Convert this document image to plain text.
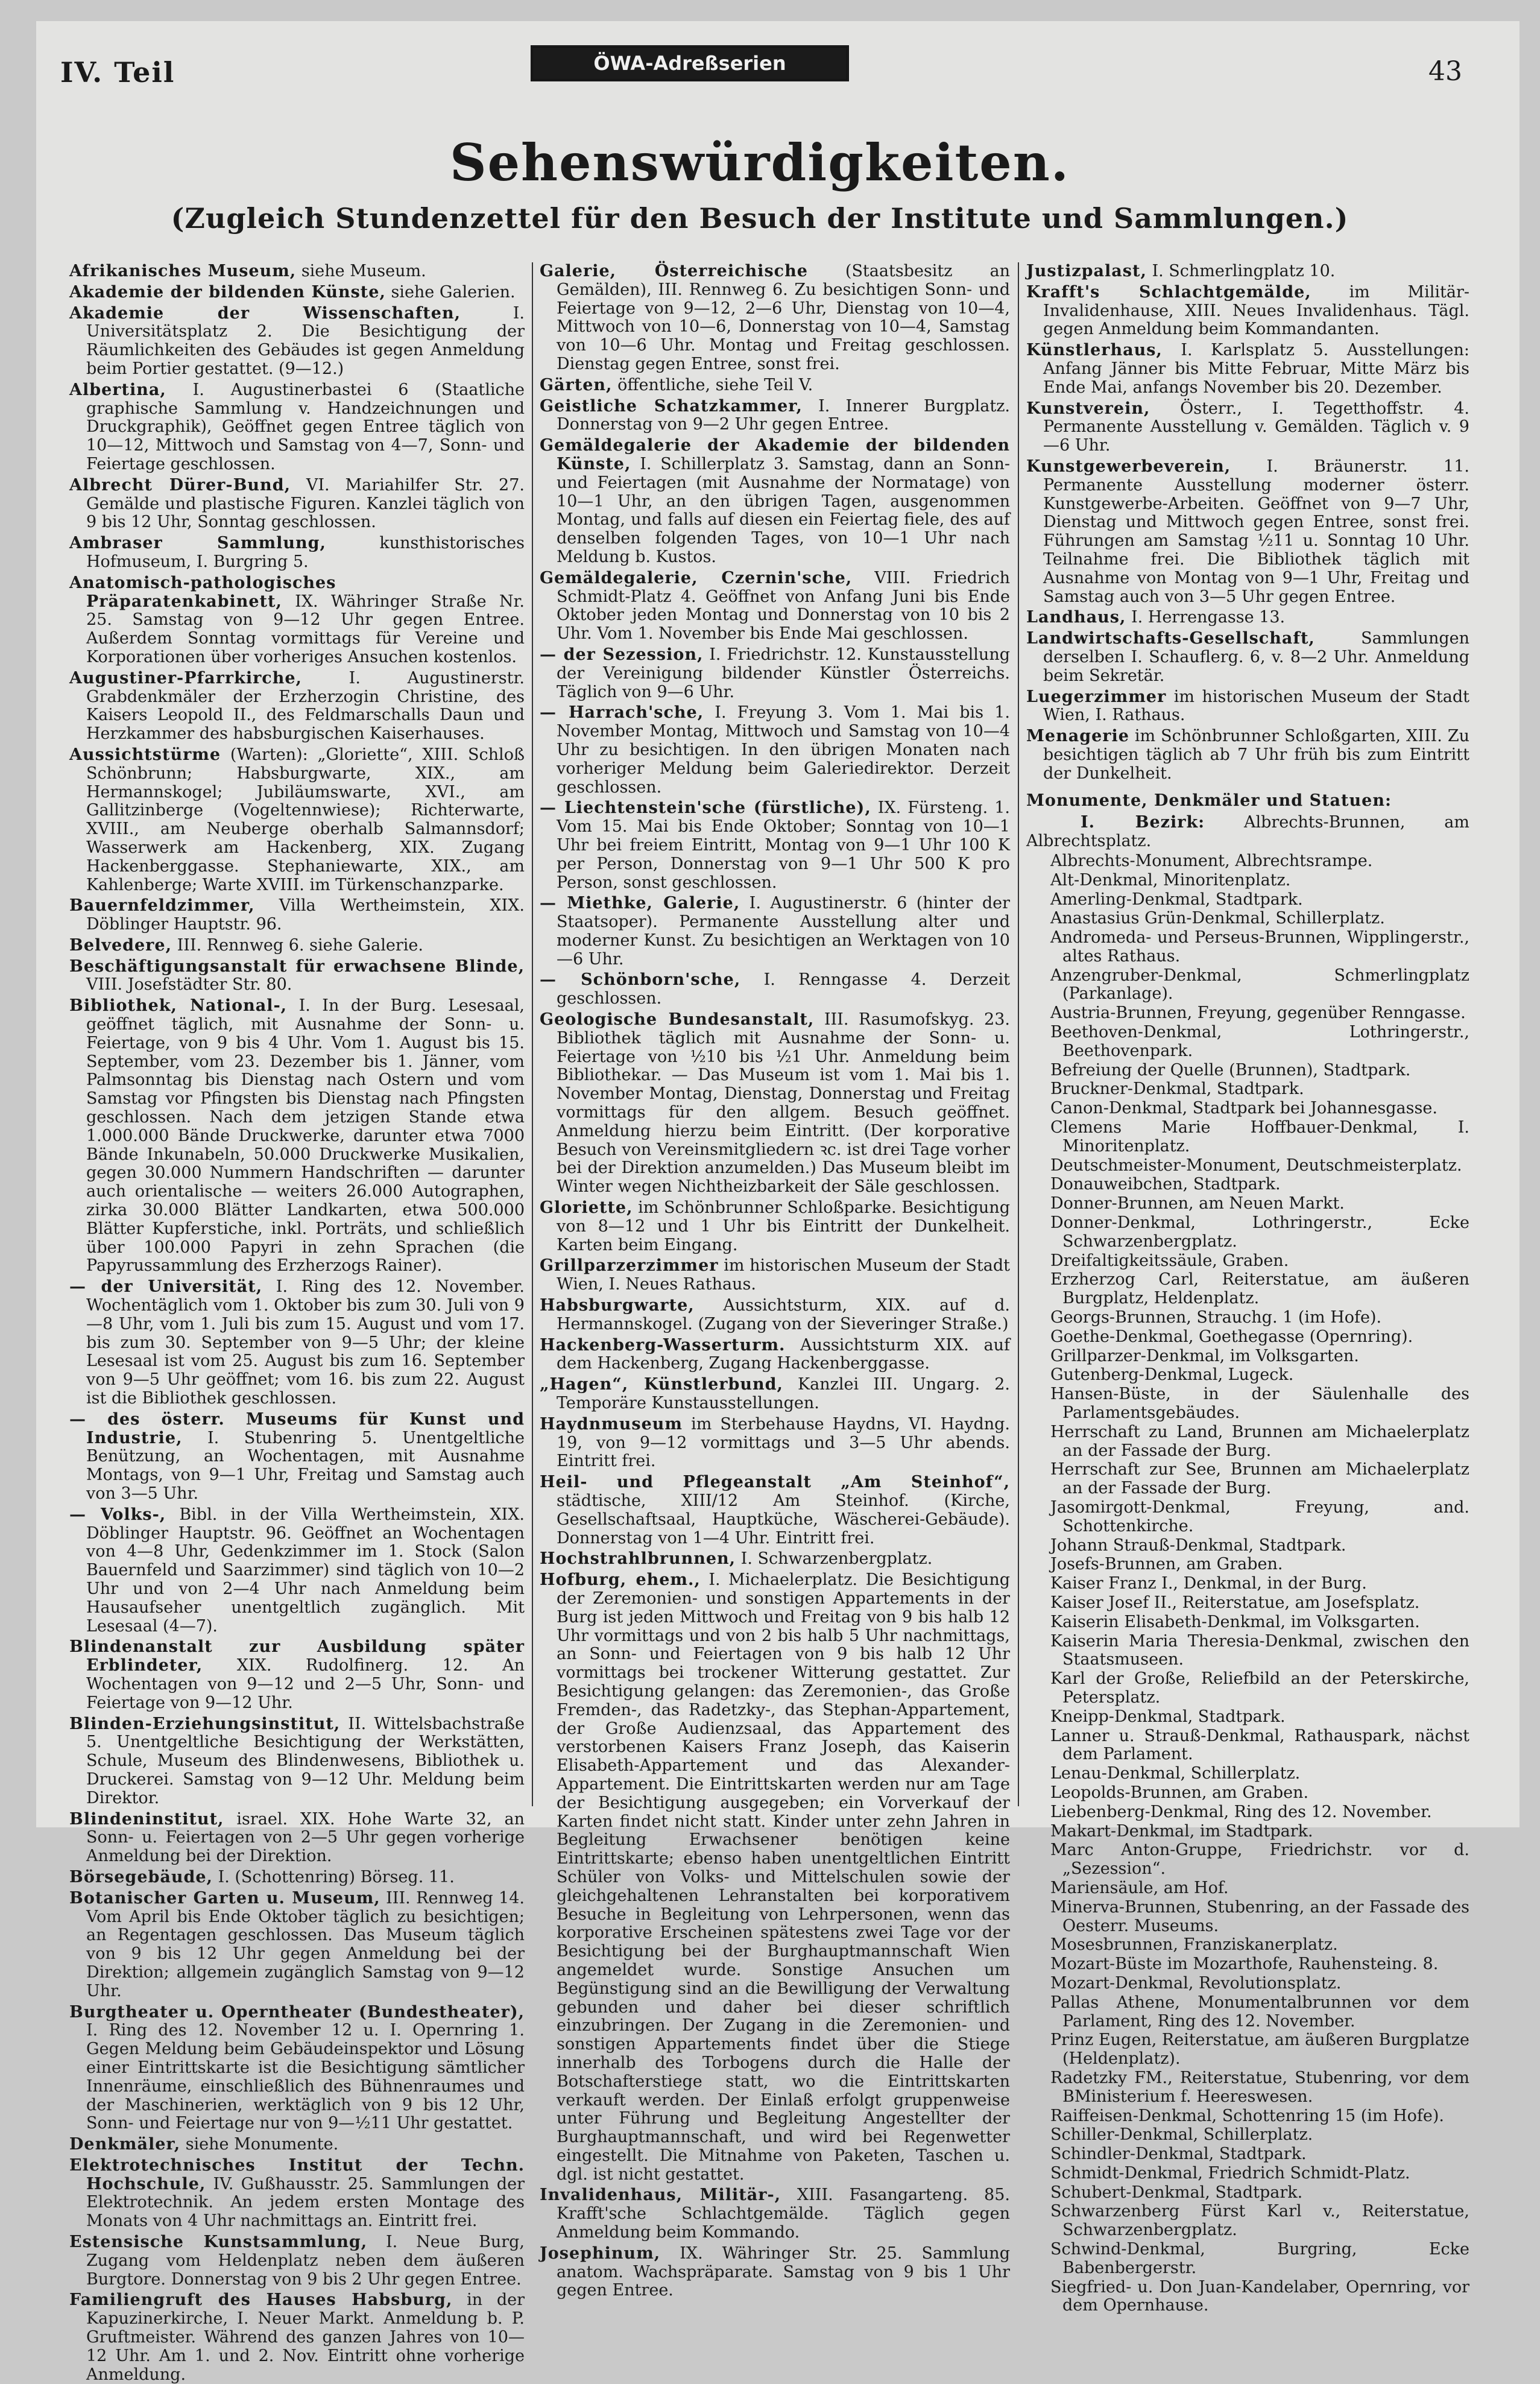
IV. Teil	ÖWA-Adreßserien	43
Sehenswürdigkeiten.
(Zugleich Stundenzettel für den Besuch der Institute und Sammlungen.)

Afrikanisches Museum, siehe Museum.

Akademie der bildenden Künste, siehe Galerien.

Akademie der Wissenschaften,	I. Universitätsplatz 2. Die Besichtigung der Räumlichkeiten des Gebäudes ist gegen Anmeldung beim Portier gestattet. (9—12.)

Albertina, I. Augustinerbastei 6 (Staatliche graphische Sammlung v. Handzeichnungen und Druckgraphik), Geöffnet gegen Entree täglich von 10—12, Mittwoch und Samstag von 4—7, Sonn- und Feiertage geschlossen.

Albrecht Dürer-Bund, VI. Mariahilfer Str. 27. Gemälde und plastische Figuren. Kanzlei täglich von 9 bis 12 Uhr, Sonntag geschlossen.

Ambraser Sammlung,	kunsthistorisches Hofmuseum, I. Burgring 5.

Anatomisch-pathologisches Präparatenkabinett, IX. Währinger Straße Nr. 25. Samstag von 9—12 Uhr gegen Entree. Außerdem Sonntag vormittags für Vereine und Korporationen über vorheriges Ansuchen kostenlos.

Augustiner-Pfarrkirche,	I. Augustinerstr. Grabdenkmäler der Erzherzogin Christine, des Kaisers Leopold II., des Feldmarschalls Daun und Herzkammer des habsburgischen Kaiserhauses.

Aussichtstürme (Warten): „Gloriette“, XIII. Schloß Schönbrunn; Habsburgwarte, XIX., am Hermannskogel; Jubiläumswarte, XVI., am Gallitzinberge (Vogeltennwiese); Richterwarte, XVIII., am Neuberge oberhalb Salmannsdorf; Wasserwerk am Hackenberg, XIX. Zugang Hackenberggasse. Stephaniewarte, XIX., am Kahlenberge; Warte XVIII. im Türkenschanzparke.

Bauernfeldzimmer, Villa Wertheimstein, XIX. Döblinger Hauptstr. 96.

Belvedere, III. Rennweg 6. siehe Galerie.

Beschäftigungsanstalt für erwachsene Blinde, VIII. Josefstädter Str. 80.

Bibliothek, National-, I. In der Burg. Lesesaal, geöffnet täglich, mit Ausnahme der Sonn- u. Feiertage, von 9 bis 4 Uhr. Vom 1. August bis 15. September, vom 23. Dezember bis 1. Jänner, vom Palmsonntag bis Dienstag nach Ostern und vom Samstag vor Pfingsten bis Dienstag nach Pfingsten geschlossen. Nach dem jetzigen Stande etwa 1.000.000 Bände Druckwerke, darunter etwa 7000 Bände Inkunabeln, 50.000 Druckwerke Musikalien, gegen 30.000 Nummern Handschriften — darunter auch orientalische — weiters 26.000 Autographen, zirka 30.000 Blätter Landkarten, etwa 500.000 Blätter Kupferstiche, inkl. Porträts, und schließlich über 100.000 Papyri in zehn Sprachen (die Papyrussammlung des Erzherzogs Rainer).

— der Universität, I. Ring des 12. November. Wochentäglich vom 1. Oktober bis zum 30. Juli von 9—8 Uhr, vom 1. Juli bis zum 15. August und vom 17. bis zum 30. September von 9—5 Uhr; der kleine Lesesaal ist vom 25. August bis zum 16. September von 9—5 Uhr geöffnet; vom 16. bis zum 22. August ist die Bibliothek geschlossen.

— des österr. Museums für Kunst und Industrie, I. Stubenring 5. Unentgeltliche Benützung, an Wochentagen, mit Ausnahme Montags, von 9—1 Uhr, Freitag und Samstag auch von 3—5 Uhr.

— Volks-, Bibl. in der Villa Wertheimstein, XIX. Döblinger Hauptstr. 96. Geöffnet an Wochentagen von 4—8 Uhr, Gedenkzimmer im 1. Stock (Salon Bauernfeld und Saarzimmer) sind täglich von 10—2 Uhr und von 2—4 Uhr nach Anmeldung beim Hausaufseher unentgeltlich zugänglich. Mit Lesesaal (4—7).

Blindenanstalt zur Ausbildung später Erblindeter, XIX. Rudolfinerg. 12. An Wochentagen von 9—12 und 2—5 Uhr, Sonn- und Feiertage von 9—12 Uhr.

Blinden-Erziehungsinstitut, II. Wittelsbachstraße 5. Unentgeltliche Besichtigung der Werkstätten, Schule, Museum des Blindenwesens, Bibliothek u. Druckerei. Samstag von 9—12 Uhr. Meldung beim Direktor.

Blindeninstitut, israel. XIX. Hohe Warte 32, an Sonn- u. Feiertagen von 2—5 Uhr gegen vorherige Anmeldung bei der Direktion.

Börsegebäude, I. (Schottenring) Börseg. 11.

Botanischer Garten u. Museum, III. Rennweg 14. Vom April bis Ende Oktober täglich zu besichtigen; an Regentagen geschlossen. Das Museum täglich von 9 bis 12 Uhr gegen Anmeldung bei der Direktion; allgemein zugänglich Samstag von 9—12 Uhr.

Burgtheater u. Operntheater (Bundestheater), I. Ring des 12. November 12 u. I. Opernring 1. Gegen Meldung beim Gebäudeinspektor und Lösung einer Eintrittskarte ist die Besichtigung sämtlicher Innenräume, einschließlich des Bühnenraumes und der Maschinerien, werktäglich von 9 bis 12 Uhr, Sonn- und Feiertage nur von 9—½11 Uhr gestattet.

Denkmäler, siehe Monumente.

Elektrotechnisches Institut der Techn. Hochschule, IV. Gußhausstr. 25. Sammlungen der Elektrotechnik. An jedem ersten Montage des Monats von 4 Uhr nachmittags an. Eintritt frei.

Estensische Kunstsammlung, I. Neue Burg, Zugang vom Heldenplatz neben dem äußeren Burgtore. Donnerstag von 9 bis 2 Uhr gegen Entree.

Familiengruft des Hauses Habsburg, in der Kapuzinerkirche, I. Neuer Markt. Anmeldung b. P. Gruftmeister. Während des ganzen Jahres von 10—12 Uhr. Am 1. und 2. Nov. Eintritt ohne vorherige Anmeldung.

Galerie, Österreichische (Staatsbesitz an Gemälden), III. Rennweg 6. Zu besichtigen Sonn- und Feiertage von 9—12, 2—6 Uhr, Dienstag von 10—4, Mittwoch von 10—6, Donnerstag von 10—4, Samstag von 10—6 Uhr. Montag und Freitag geschlossen. Dienstag gegen Entree, sonst frei.

Gärten, öffentliche, siehe Teil V.

Geistliche Schatzkammer, I. Innerer Burgplatz. Donnerstag von 9—2 Uhr gegen Entree.

Gemäldegalerie der Akademie der bildenden Künste, I. Schillerplatz 3. Samstag, dann an Sonn- und Feiertagen (mit Ausnahme der Normatage) von 10—1 Uhr, an den übrigen Tagen, ausgenommen Montag, und falls auf diesen ein Feiertag fiele, des auf denselben folgenden Tages, von 10—1 Uhr nach Meldung b. Kustos.

Gemäldegalerie, Czernin'sche, VIII. Friedrich Schmidt-Platz 4. Geöffnet von Anfang Juni bis Ende Oktober jeden Montag und Donnerstag von 10 bis 2 Uhr. Vom 1. November bis Ende Mai geschlossen.

— der Sezession, I. Friedrichstr. 12. Kunstausstellung der Vereinigung bildender Künstler Österreichs. Täglich von 9—6 Uhr.

— Harrach'sche, I. Freyung 3. Vom 1. Mai bis 1. November Montag, Mittwoch und Samstag von 10—4 Uhr zu besichtigen. In den übrigen Monaten nach vorheriger Meldung beim Galeriedirektor. Derzeit geschlossen.

— Liechtenstein'sche (fürstliche), IX. Fürsteng. 1. Vom 15. Mai bis Ende Oktober; Sonntag von 10—1 Uhr bei freiem Eintritt, Montag von 9—1 Uhr 100 K per Person, Donnerstag von 9—1 Uhr 500 K pro Person, sonst geschlossen.

— Miethke, Galerie, I. Augustinerstr. 6 (hinter der Staatsoper). Permanente Ausstellung alter und moderner Kunst. Zu besichtigen an Werktagen von 10—6 Uhr.

— Schönborn'sche, I. Renngasse 4. Derzeit geschlossen.

Geologische Bundesanstalt, III. Rasumofskyg. 23. Bibliothek täglich mit Ausnahme der Sonn- u. Feiertage von ½10 bis ½1 Uhr. Anmeldung beim Bibliothekar. — Das Museum ist vom 1. Mai bis 1. November Montag, Dienstag, Donnerstag und Freitag vormittags für den allgem. Besuch geöffnet. Anmeldung hierzu beim Eintritt. (Der korporative Besuch von Vereinsmitgliedern ꝛc. ist drei Tage vorher bei der Direktion anzumelden.) Das Museum bleibt im Winter wegen Nichtheizbarkeit der Säle geschlossen.

Gloriette, im Schönbrunner Schloßparke. Besichtigung von 8—12 und 1 Uhr bis Eintritt der Dunkelheit. Karten beim Eingang.

Grillparzerzimmer im historischen Museum der Stadt Wien, I. Neues Rathaus.

Habsburgwarte, Aussichtsturm, XIX. auf d. Hermannskogel. (Zugang von der Sieveringer Straße.)

Hackenberg-Wasserturm. Aussichtsturm XIX. auf dem Hackenberg, Zugang Hackenberggasse.

„Hagen“, Künstlerbund, Kanzlei III. Ungarg. 2. Temporäre Kunstausstellungen.

Haydnmuseum im Sterbehause Haydns, VI. Haydng. 19, von 9—12 vormittags und 3—5 Uhr abends. Eintritt frei.

Heil- und Pflegeanstalt „Am Steinhof“, städtische, XIII/12 Am Steinhof. (Kirche, Gesellschaftsaal, Hauptküche, Wäscherei-Gebäude). Donnerstag von 1—4 Uhr. Eintritt frei.

Hochstrahlbrunnen, I. Schwarzenbergplatz.

Hofburg, ehem., I. Michaelerplatz. Die Besichtigung der Zeremonien- und sonstigen Appartements in der Burg ist jeden Mittwoch und Freitag von 9 bis halb 12 Uhr vormittags und von 2 bis halb 5 Uhr nachmittags, an Sonn- und Feiertagen von 9 bis halb 12 Uhr vormittags bei trockener Witterung gestattet. Zur Besichtigung gelangen: das Zeremonien-, das Große Fremden-, das Radetzky-, das Stephan-Appartement, der Große Audienzsaal, das Appartement des verstorbenen Kaisers Franz Joseph, das Kaiserin Elisabeth-Appartement und das Alexander-Appartement. Die Eintrittskarten werden nur am Tage der Besichtigung ausgegeben; ein Vorverkauf der Karten findet nicht statt. Kinder unter zehn Jahren in Begleitung Erwachsener benötigen keine Eintrittskarte; ebenso haben unentgeltlichen Eintritt Schüler von Volks- und Mittelschulen sowie der gleichgehaltenen Lehranstalten bei korporativem Besuche in Begleitung von Lehrpersonen, wenn das korporative Erscheinen spätestens zwei Tage vor der Besichtigung bei der Burghauptmannschaft Wien angemeldet wurde. Sonstige Ansuchen um Begünstigung sind an die Bewilligung der Verwaltung gebunden und daher bei dieser schriftlich einzubringen. Der Zugang in die Zeremonien- und sonstigen Appartements findet über die Stiege innerhalb des Torbogens durch die Halle der Botschafterstiege statt, wo die Eintrittskarten verkauft werden. Der Einlaß erfolgt gruppenweise unter Führung und Begleitung Angestellter der Burghauptmannschaft, und wird bei Regenwetter eingestellt. Die Mitnahme von Paketen, Taschen u. dgl. ist nicht gestattet.

Invalidenhaus, Militär-, XIII. Fasangarteng. 85. Krafft'sche Schlachtgemälde. Täglich gegen Anmeldung beim Kommando.

Josephinum, IX. Währinger Str. 25. Sammlung anatom. Wachspräparate. Samstag von 9 bis 1 Uhr gegen Entree.

Justizpalast, I. Schmerlingplatz 10.

Krafft's Schlachtgemälde, im Militär-Invalidenhause, XIII. Neues Invalidenhaus. Tägl. gegen Anmeldung beim Kommandanten.

Künstlerhaus, I. Karlsplatz 5. Ausstellungen: Anfang Jänner bis Mitte Februar, Mitte März bis Ende Mai, anfangs November bis 20. Dezember.

Kunstverein, Österr., I. Tegetthoffstr. 4. Permanente Ausstellung v. Gemälden. Täglich v. 9—6 Uhr.

Kunstgewerbeverein, I. Bräunerstr. 11. Permanente Ausstellung moderner österr. Kunstgewerbe-Arbeiten. Geöffnet von 9—7 Uhr, Dienstag und Mittwoch gegen Entree, sonst frei. Führungen am Samstag ½11 u. Sonntag 10 Uhr. Teilnahme frei. Die Bibliothek täglich mit Ausnahme von Montag von 9—1 Uhr, Freitag und Samstag auch von 3—5 Uhr gegen Entree.

Landhaus, I. Herrengasse 13.

Landwirtschafts-Gesellschaft,	Sammlungen derselben I. Schauflerg. 6, v. 8—2 Uhr. Anmeldung beim Sekretär.

Luegerzimmer im historischen Museum der Stadt Wien, I. Rathaus.

Menagerie im Schönbrunner Schloßgarten, XIII. Zu besichtigen täglich ab 7 Uhr früh bis zum Eintritt der Dunkelheit.

Monumente, Denkmäler und Statuen:

I. Bezirk: Albrechts-Brunnen, am Albrechtsplatz.

Albrechts-Monument, Albrechtsrampe.

Alt-Denkmal, Minoritenplatz.

Amerling-Denkmal, Stadtpark.

Anastasius Grün-Denkmal, Schillerplatz.

Andromeda- und Perseus-Brunnen, Wipplingerstr., altes Rathaus.

Anzengruber-Denkmal, Schmerlingplatz (Parkanlage).

Austria-Brunnen, Freyung, gegenüber Renngasse.

Beethoven-Denkmal, Lothringerstr., Beethovenpark.

Befreiung der Quelle (Brunnen), Stadtpark.

Bruckner-Denkmal, Stadtpark.

Canon-Denkmal, Stadtpark bei Johannesgasse.

Clemens Marie Hoffbauer-Denkmal, I. Minoritenplatz.

Deutschmeister-Monument, Deutschmeisterplatz.

Donauweibchen, Stadtpark.

Donner-Brunnen, am Neuen Markt.

Donner-Denkmal, Lothringerstr., Ecke Schwarzenbergplatz.

Dreifaltigkeitssäule, Graben.

Erzherzog Carl, Reiterstatue, am äußeren Burgplatz, Heldenplatz.

Georgs-Brunnen, Strauchg. 1 (im Hofe).

Goethe-Denkmal, Goethegasse (Opernring).

Grillparzer-Denkmal, im Volksgarten.

Gutenberg-Denkmal, Lugeck.

Hansen-Büste, in der Säulenhalle des Parlamentsgebäudes.

Herrschaft zu Land, Brunnen am Michaelerplatz an der Fassade der Burg.

Herrschaft zur See, Brunnen am Michaelerplatz an der Fassade der Burg.

Jasomirgott-Denkmal, Freyung, and. Schottenkirche.

Johann Strauß-Denkmal, Stadtpark.

Josefs-Brunnen, am Graben.

Kaiser Franz I., Denkmal, in der Burg.

Kaiser Josef II., Reiterstatue, am Josefsplatz.

Kaiserin Elisabeth-Denkmal, im Volksgarten.

Kaiserin Maria Theresia-Denkmal, zwischen den Staatsmuseen.

Karl der Große, Reliefbild an der Peterskirche, Petersplatz.

Kneipp-Denkmal, Stadtpark.

Lanner u. Strauß-Denkmal, Rathauspark, nächst dem Parlament.

Lenau-Denkmal, Schillerplatz.

Leopolds-Brunnen, am Graben.

Liebenberg-Denkmal, Ring des 12. November.

Makart-Denkmal, im Stadtpark.

Marc Anton-Gruppe, Friedrichstr. vor d. „Sezession“.

Mariensäule, am Hof.

Minerva-Brunnen, Stubenring, an der Fassade des Oesterr. Museums.

Mosesbrunnen, Franziskanerplatz.

Mozart-Büste im Mozarthofe, Rauhensteing. 8.

Mozart-Denkmal, Revolutionsplatz.

Pallas Athene, Monumentalbrunnen vor dem Parlament, Ring des 12. November.

Prinz Eugen, Reiterstatue, am äußeren Burgplatze (Heldenplatz).

Radetzky FM., Reiterstatue, Stubenring, vor dem BMinisterium f. Heereswesen.

Raiffeisen-Denkmal, Schottenring 15 (im Hofe).

Schiller-Denkmal, Schillerplatz.

Schindler-Denkmal, Stadtpark.

Schmidt-Denkmal, Friedrich Schmidt-Platz.

Schubert-Denkmal, Stadtpark.

Schwarzenberg Fürst Karl v., Reiterstatue, Schwarzenbergplatz.

Schwind-Denkmal, Burgring, Ecke Babenbergerstr.

Siegfried- u. Don Juan-Kandelaber, Opernring, vor dem Opernhause.
